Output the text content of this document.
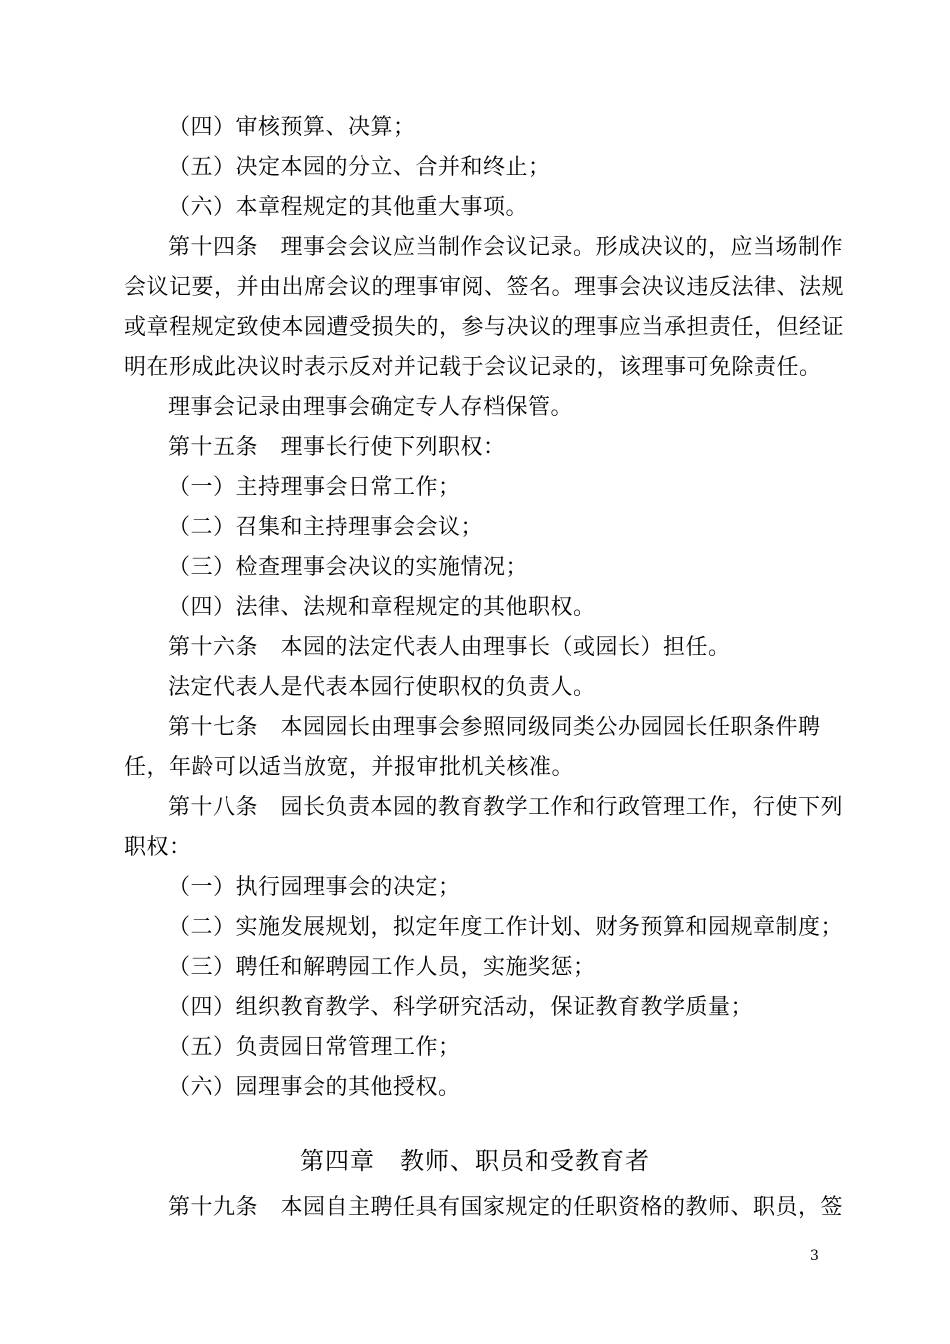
（四）审核预算、决算；
（五）决定本园的分立、合并和终止；
（六）本章程规定的其他重大事项。
第十四条　理事会会议应当制作会议记录。形成决议的，应当场制作
会议记要，并由出席会议的理事审阅、签名。理事会决议违反法律、法规
或章程规定致使本园遭受损失的，参与决议的理事应当承担责任，但经证
明在形成此决议时表示反对并记载于会议记录的，该理事可免除责任。
理事会记录由理事会确定专人存档保管。
第十五条　理事长行使下列职权：
（一）主持理事会日常工作；
（二）召集和主持理事会会议；
（三）检查理事会决议的实施情况；
（四）法律、法规和章程规定的其他职权。
第十六条　本园的法定代表人由理事长（或园长）担任。
法定代表人是代表本园行使职权的负责人。
第十七条　本园园长由理事会参照同级同类公办园园长任职条件聘
任，年龄可以适当放宽，并报审批机关核准。
第十八条　园长负责本园的教育教学工作和行政管理工作，行使下列
职权：
（一）执行园理事会的决定；
（二）实施发展规划，拟定年度工作计划、财务预算和园规章制度；
（三）聘任和解聘园工作人员，实施奖惩；
（四）组织教育教学、科学研究活动，保证教育教学质量；
（五）负责园日常管理工作；
（六）园理事会的其他授权。
第四章　教师、职员和受教育者
第十九条　本园自主聘任具有国家规定的任职资格的教师、职员，签
3
